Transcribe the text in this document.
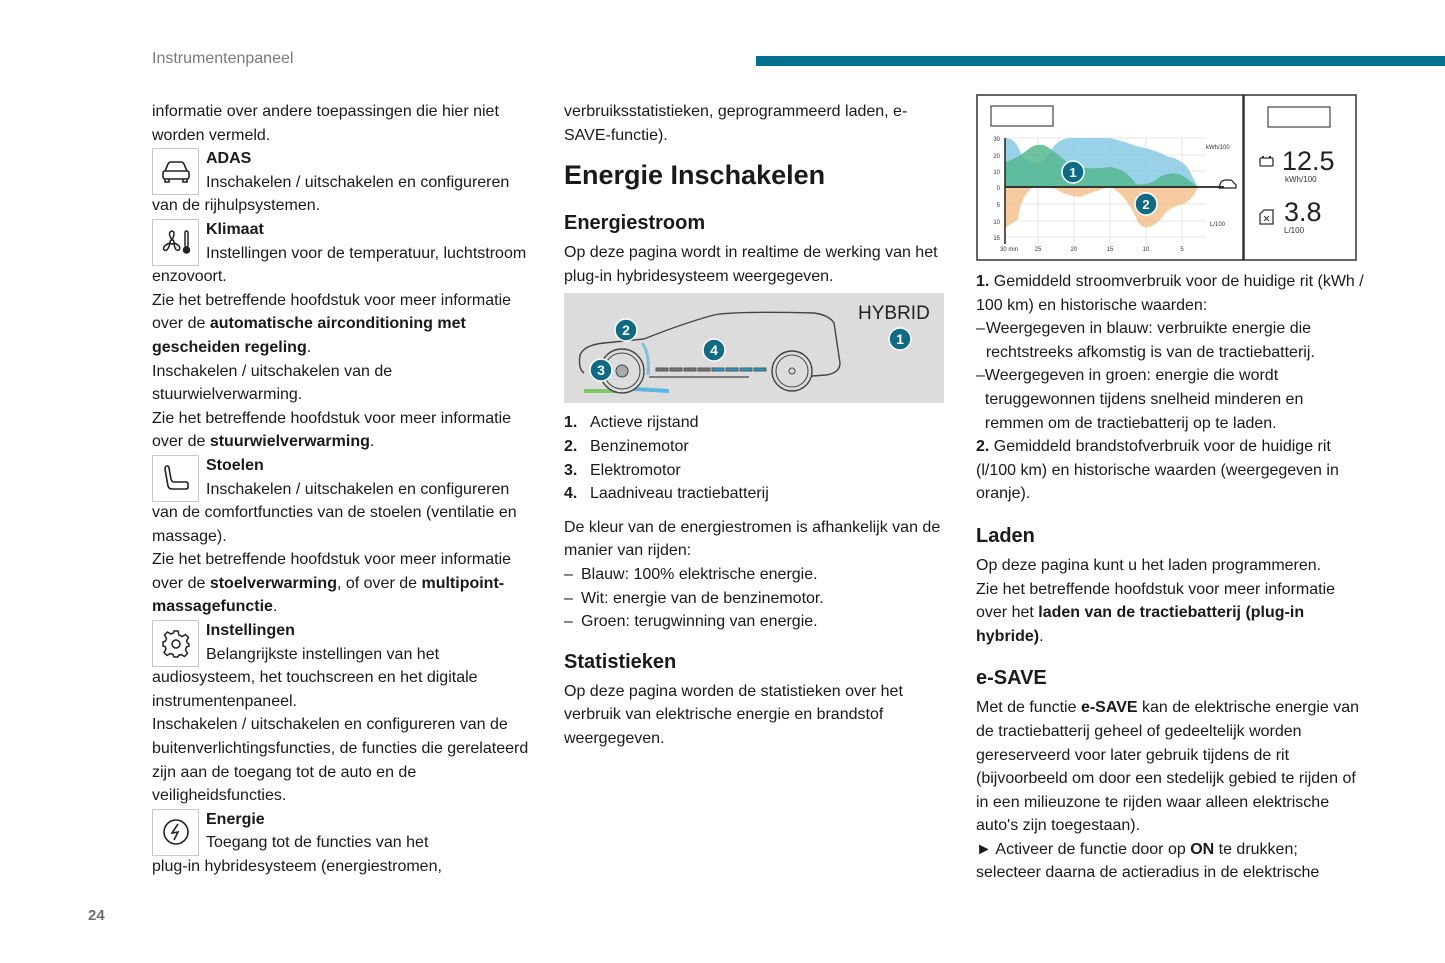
Instrumentenpaneel

informatie over andere toepassingen die hier niet worden vermeld.

ADAS
Inschakelen / uitschakelen en configureren

van de rijhulpsystemen.

Klimaat
Instellingen voor de temperatuur, luchtstroom

enzovoort.

Zie het betreffende hoofdstuk voor meer informatie over de automatische airconditioning met gescheiden regeling.

Inschakelen / uitschakelen van de stuurwielverwarming.

Zie het betreffende hoofdstuk voor meer informatie over de stuurwielverwarming.

Stoelen
Inschakelen / uitschakelen en configureren

van de comfortfuncties van de stoelen (ventilatie en massage).

Zie het betreffende hoofdstuk voor meer informatie over de stoelverwarming, of over de multipoint-massagefunctie.

Instellingen
Belangrijkste instellingen van het

audiosysteem, het touchscreen en het digitale instrumentenpaneel.

Inschakelen / uitschakelen en configureren van de buitenverlichtingsfuncties, de functies die gerelateerd zijn aan de toegang tot de auto en de veiligheidsfuncties.

Energie
Toegang tot de functies van het

plug-in hybridesysteem (energiestromen,

verbruiksstatistieken, geprogrammeerd laden, e-SAVE-functie).

Energie Inschakelen
Energiestroom

Op deze pagina wordt in realtime de werking van het plug-in hybridesysteem weergegeven.

1
2
3
4
HYBRID
1. Actieve rijstand
2. Benzinemotor
3. Elektromotor
4. Laadniveau tractiebatterij

De kleur van de energiestromen is afhankelijk van de manier van rijden:

– Blauw: 100% elektrische energie.
– Wit: energie van de benzinemotor.
– Groen: terugwinning van energie.
Statistieken

Op deze pagina worden de statistieken over het verbruik van elektrische energie en brandstof weergegeven.

30
20
10
0
5
10
15
30 min	25	20	15	10	5
kWh/100
L/100
1
2
12.5
kWh/100
3.8
L/100

1. Gemiddeld stroomverbruik voor de huidige rit (kWh / 100 km) en historische waarden:

– Weergegeven in blauw: verbruikte energie die rechtstreeks afkomstig is van de tractiebatterij.
– Weergegeven in groen: energie die wordt teruggewonnen tijdens snelheid minderen en remmen om de tractiebatterij op te laden.

2. Gemiddeld brandstofverbruik voor de huidige rit (l/100 km) en historische waarden (weergegeven in oranje).

Laden

Op deze pagina kunt u het laden programmeren.

Zie het betreffende hoofdstuk voor meer informatie over het laden van de tractiebatterij (plug-in hybride).

e-SAVE

Met de functie e-SAVE kan de elektrische energie van de tractiebatterij geheel of gedeeltelijk worden gereserveerd voor later gebruik tijdens de rit (bijvoorbeeld om door een stedelijk gebied te rijden of in een milieuzone te rijden waar alleen elektrische auto's zijn toegestaan).

► Activeer de functie door op ON te drukken; selecteer daarna de actieradius in de elektrische

24
